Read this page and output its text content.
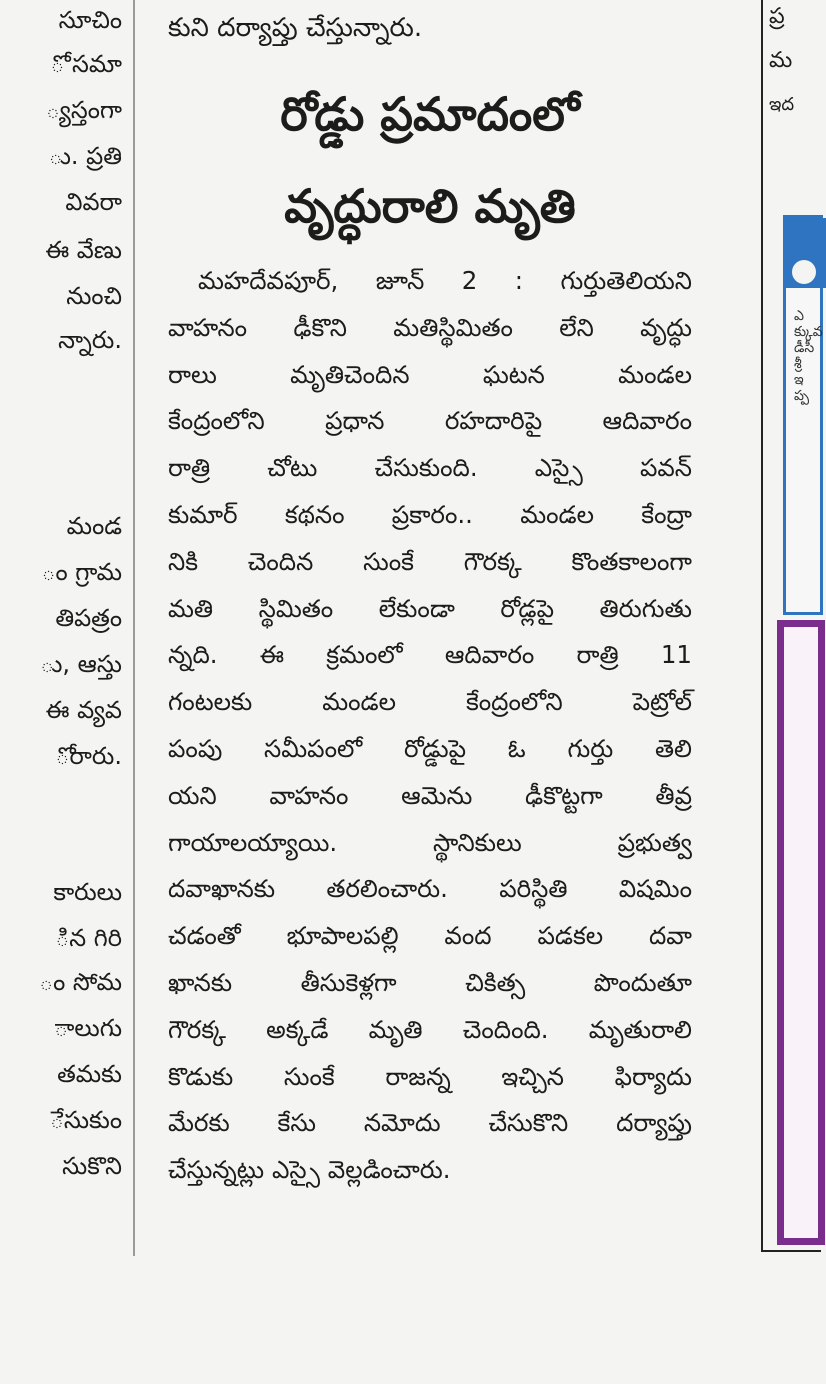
సూచిం
ో సమా
్యస్తంగా
ు. ప్రతి
వివరా
ఈ వేణు
నుంచి
న్నారు.
మండ
ం గ్రామ
తిపత్రం
ు, ఆస్తు
ఈ వ్యవ
ోరారు.
కారులు
ిన గిరి
ం సోమ
ాలుగు
తమకు
ేసుకుం
సుకొని
కుని దర్యాప్తు చేస్తున్నారు.
రోడ్డు ప్రమాదంలో
వృద్ధురాలి మృతి
మహదేవపూర్, జూన్ 2 : గుర్తుతెలియని
వాహనం ఢీకొని మతిస్థిమితం లేని వృద్ధు
రాలు మృతిచెందిన ఘటన మండల
కేంద్రంలోని ప్రధాన రహదారిపై ఆదివారం
రాత్రి చోటు చేసుకుంది. ఎస్సై పవన్
కుమార్ కథనం ప్రకారం.. మండల కేంద్రా
నికి చెందిన సుంకే గౌరక్క కొంతకాలంగా
మతి స్థిమితం లేకుండా రోడ్లపై తిరుగుతు
న్నది. ఈ క్రమంలో ఆదివారం రాత్రి 11
గంటలకు మండల కేంద్రంలోని పెట్రోల్
పంపు సమీపంలో రోడ్డుపై ఓ గుర్తు తెలి
యని వాహనం ఆమెను ఢీకొట్టగా తీవ్ర
గాయాలయ్యాయి. స్థానికులు ప్రభుత్వ
దవాఖానకు తరలించారు. పరిస్థితి విషమిం
చడంతో భూపాలపల్లి వంద పడకల దవా
ఖానకు తీసుకెళ్లగా చికిత్స పొందుతూ
గౌరక్క అక్కడే మృతి చెందింది. మృతురాలి
కొడుకు సుంకే రాజన్న ఇచ్చిన ఫిర్యాదు
మేరకు కేసు నమోదు చేసుకొని దర్యాప్తు
చేస్తున్నట్లు ఎస్సై వెల్లడించారు.
ప్ర
మ
ఇద
ఎక్కువ డీసీ శ్రీ ఇప్ప
